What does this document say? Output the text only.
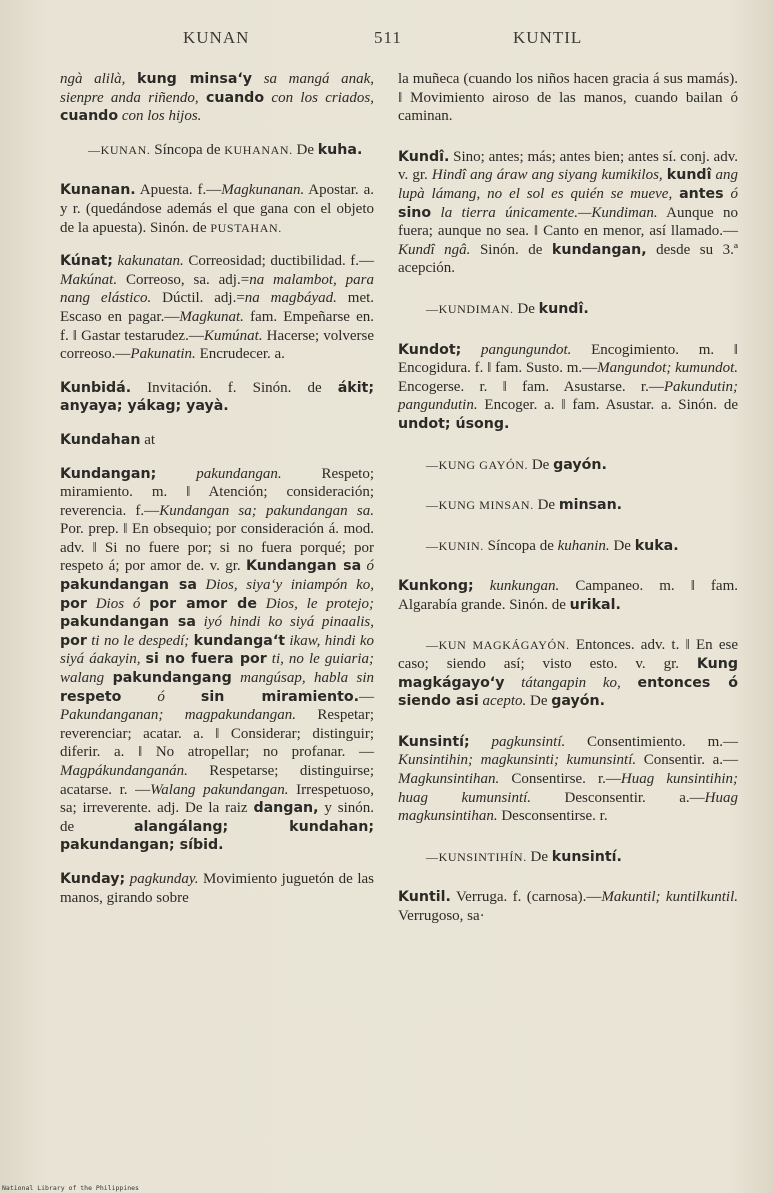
KUNAN	511	KUNTIL

ngà alilà, kung minsa‘y sa mangá anak, sienpre anda riñendo, cuando con los criados, cuando con los hijos.

—KUNAN. Síncopa de KUHANAN. De kuha.

Kunanan. Apuesta. f.—Magkunanan. Apostar. a. y r. (quedándose además el que gana con el objeto de la apuesta). Sinón. de PUSTAHAN.

Kúnat; kakunatan. Correosidad; ductibilidad. f.—Makúnat. Correoso, sa. adj.=na malambot, para nang elástico. Dúctil. adj.=na magbáyad. met. Escaso en pagar.—Magkunat. fam. Empeñarse en. f. ‖ Gastar testarudez.—Kumúnat. Hacerse; volverse correoso.—Pakunatin. Encrudecer. a.

Kunbidá. Invitación. f. Sinón. de ákit; anyaya; yákag; yayà.

Kundahan at

Kundangan;	pakundangan.	Respeto; miramiento. m. ‖ Atención; consideración; reverencia. f.—Kundangan sa; pakundangan sa. Por. prep. ‖ En obsequio; por consideración á. mod. adv. ‖ Si no fuere por; si no fuera porqué; por respeto á; por amor de. v. gr. Kundangan sa ó pakundangan sa Dios, siya‘y iniampón ko, por Dios ó por amor de Dios, le protejo; pakundangan sa iyó hindi ko siyá pinaalis, por ti no le despedí; kundanga‘t ikaw, hindi ko siyá áakayin, si no fuera por ti, no le guiaria; walang pakundangang mangúsap, habla sin respeto ó	sin miramiento.—Pakundanganan; magpakundangan. Respetar; reverenciar; acatar. a. ‖ Considerar; distinguir; diferir. a. ‖ No atropellar; no profanar. —Magpákundanganán. Respetarse; distinguirse; acatarse. r. —Walang pakundangan. Irrespetuoso, sa; irreverente. adj. De la raiz dangan, y sinón. de	alangálang; kundahan; pakundangan; síbid.

Kunday; pagkunday. Movimiento juguetón de las manos, girando sobre

la muñeca (cuando los niños hacen gracia á sus mamás). ‖ Movimiento airoso de las manos, cuando bailan ó caminan.

Kundî. Sino; antes; más; antes bien; antes sí. conj. adv. v. gr. Hindî ang áraw ang siyang kumikilos, kundî ang lupà lámang, no el sol es quién se mueve, antes ó sino la tierra únicamente.—Kundiman. Aunque no fuera; aunque no sea. ‖ Canto en menor, así llamado.—Kundî ngâ. Sinón. de kundangan, desde su 3.ª acepción.

—KUNDIMAN. De kundî.

Kundot; pangungundot. Encogimiento. m. ‖ Encogidura. f. ‖ fam. Susto. m.—Mangundot; kumundot. Encogerse. r. ‖ fam. Asustarse. r.—Pakundutin; pangundutin. Encoger. a. ‖ fam. Asustar. a. Sinón. de undot; úsong.

—KUNG GAYÓN. De gayón.

—KUNG MINSAN. De minsan.

—KUNIN. Síncopa de kuhanin. De kuka.

Kunkong; kunkungan. Campaneo. m. ‖ fam. Algarabía grande. Sinón. de urikal.

—KUN MAGKÁGAYÓN. Entonces. adv. t. ‖ En ese caso; siendo así; visto esto. v. gr. Kung magkágayo‘y tátangapin ko, entonces ó siendo asi acepto. De gayón.

Kunsintí; pagkunsintí. Consentimiento. m.—Kunsintihin; magkunsinti; kumunsintí. Consentir. a.—Magkunsintihan. Consentirse. r.—Huag kunsintihin; huag kumunsintí. Desconsentir. a.—Huag magkunsintihan. Desconsentirse. r.

—KUNSINTIHÍN. De kunsintí.

Kuntil. Verruga. f. (carnosa).—Makuntil; kuntilkuntil. Verrugoso, sa·

National Library of the Philippines
